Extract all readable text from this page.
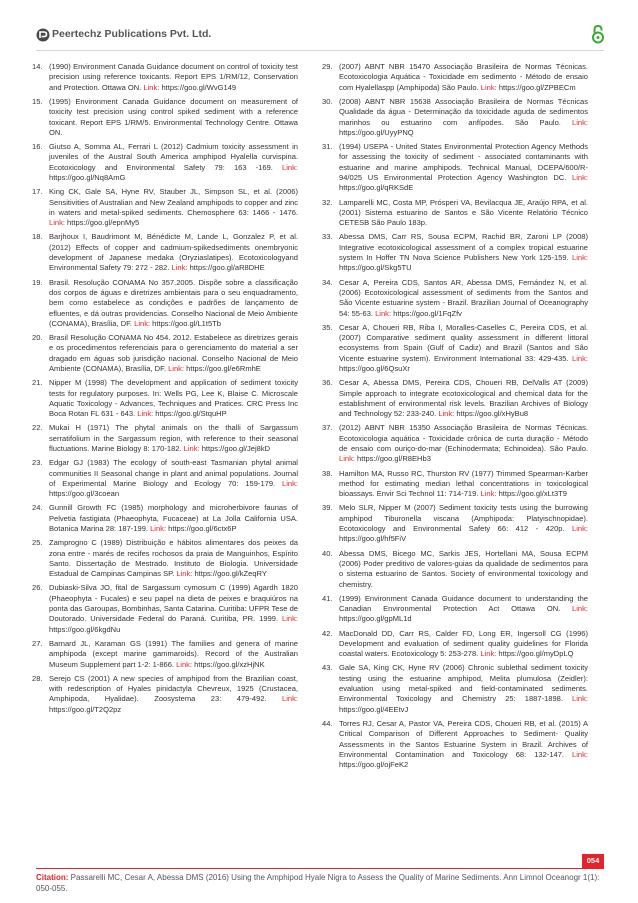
Peertechz Publications Pvt. Ltd.
14. (1990) Environment Canada Guidance document on control of toxicity test precision using reference toxicants. Report EPS 1/RM/12, Conservation and Protection. Ottawa ON. Link: https://goo.gl/WvG149
15. (1995) Environment Canada Guidance document on measurement of toxicity test precision using control spiked sediment with a reference toxicant. Report EPS 1/RM/5. Environmental Technology Centre. Ottawa ON.
16. Giutso A, Somma AL, Ferrari L (2012) Cadmium toxicity assessment in juveniles of the Austral South America amphipod Hyalella curvispina. Ecotoxicology and Environmental Safety 79: 163 -169. Link: https://goo.gl/Nq8AmG
17. King CK, Gale SA, Hyne RV, Stauber JL, Simpson SL, et al. (2006) Sensitivities of Australian and New Zealand amphipods to copper and zinc in waters and metal-spiked sediments. Chemosphere 63: 1466 - 1476. Link: https://goo.gl/epnMy5
18. Barjhoux I, Baudrimont M, Bénédicte M, Lande L, Gonzalez P, et al. (2012) Effects of copper and cadmium-spikedsediments onembryonic development of Japanese medaka (Oryziaslatipes). Ecotoxicologyand Environmental Safety 79: 272 - 282. Link: https://goo.gl/aR8DHE
19. Brasil. Resolução CONAMA No 357.2005. Dispõe sobre a classificação dos corpos de águas e diretrizes ambientais para o seu enquadramento, bem como estabelece as condições e padrões de lançamento de efluentes, e dá outras providencias. Conselho Nacional de Meio Ambiente (CONAMA), Brasília, DF. Link: https://goo.gl/L1t5Tb
20. Brasil Resolução CONAMA No 454. 2012. Estabelece as diretrizes gerais e os procedimentos referenciais para o gerenciamento do material a ser dragado em águas sob jurisdição nacional. Conselho Nacional de Meio Ambiente (CONAMA), Brasília, DF. Link: https://goo.gl/e6RmhE
21. Nipper M (1998) The development and application of sediment toxicity tests for regulatory purposes. In: Wells PG, Lee K, Blaise C. Microscale Aquatic Toxicology - Advances, Techniques and Pratices. CRC Press Inc Boca Rotan FL 631 - 643. Link: https://goo.gl/StquHP
22. Mukai H (1971) The phytal animals on the thalli of Sargassum serratifolium in the Sargassum region, with reference to their seasonal fluctuations. Marine Biology 8: 170-182. Link: https://goo.gl/Jej8kD
23. Edgar GJ (1983) The ecology of south-east Tasmanian phytal animal communities II Seasonal change in plant and animal populations. Journal of Experimental Marine Biology and Ecology 70: 159-179. Link: https://goo.gl/3coean
24. Gunnill Growth FC (1985) morphology and microherbivore faunas of Pelvetia fastigiata (Phaeophyta, Fucaceae) at La Jolla California USA. Botanica Marina 28: 187-199. Link: https://goo.gl/6ctx6P
25. Zamprogno C (1989) Distribuição e hábitos alimentares dos peixes da zona entre - marés de recifes rochosos da praia de Manguinhos, Espírito Santo. Dissertação de Mestrado. Instituto de Biologia. Universidade Estadual de Campinas Campinas SP. Link: https://goo.gl/kZeqRY
26. Dubiaski-Silva JO, fital de Sargassum cymosum C (1999) Agardh 1820 (Phaeophyta - Fucales) e seu papel na dieta de peixes e braquiúros na ponta das Garoupas, Bombinhas, Santa Catarina. Curitiba: UFPR Tese de Doutorado. Universidade Federal do Paraná. Curitiba, PR. 1999. Link: https://goo.gl/6kgdNu
27. Barnard JL, Karaman GS (1991) The families and genera of marine amphipoda (except marine gammaroids). Record of the Australian Museum Supplement part 1-2: 1-866. Link: https://goo.gl/xzHjNK
28. Serejo CS (2001) A new species of amphipod from the Brazilian coast, with redescription of Hyales pinidactyla Chevreux, 1925 (Crustacea, Amphipoda, Hyalidae). Zoosystema 23: 479-492. Link: https://goo.gl/T2Q2pz
29. (2007) ABNT NBR 15470 Associação Brasileira de Normas Técnicas. Ecotoxicologia Aquática - Toxicidade em sedimento - Método de ensaio com Hyalellaspp (Amphipoda) São Paulo. Link: https://goo.gl/ZPBECm
30. (2008) ABNT NBR 15638 Associação Brasileira de Normas Técnicas Qualidade da água - Determinação da toxicidade aguda de sedimentos marinhos ou estuarino com anfípodes. São Paulo. Link: https://goo.gl/UyyPNQ
31. (1994) USEPA - United States Environmental Protection Agency Methods for assessing the toxicity of sediment - associated contaminants with estuarine and marine amphipods. Technical Manual, DCEPA/600/R-94/025 US Environmental Protection Agency Washington DC. Link: https://goo.gl/qRKSdE
32. Lamparelli MC, Costa MP, Prósperi VA, Bevilacqua JE, Araújo RPA, et al. (2001) Sistema estuarino de Santos e São Vicente Relatório Técnico CETESB São Paulo 183p.
33. Abessa DMS, Carr RS, Sousa ECPM, Rachid BR, Zaroni LP (2008) Integrative ecotoxicological assessment of a complex tropical estuarine system In Hoffer TN Nova Science Publishers New York 125-159. Link: https://goo.gl/Skg5TU
34. Cesar A, Pereira CDS, Santos AR, Abessa DMS, Fernández N, et al. (2006) Ecotoxicological assessment of sediments from the Santos and São Vicente estuarine system - Brazil. Brazilian Journal of Oceanography 54: 55-63. Link: https://goo.gl/1FqZfv
35. Cesar A, Choueri RB, Riba I, Moralles-Caselles C, Pereira CDS, et al. (2007) Comparative sediment quality assessment in different littoral ecosystems from Spain (Gulf of Cadiz) and Brazil (Santos and São Vicente estuarine system). Environment International 33: 429-435. Link: https://goo.gl/6QsuXr
36. Cesar A, Abessa DMS, Pereira CDS, Choueri RB, DelValls AT (2009) Simple approach to integrate ecotoxicological and chemical data for the establishment of environmental risk levels. Brazilian Archives of Biology and Technology 52: 233-240. Link: https://goo.gl/xHyBu8
37. (2012) ABNT NBR 15350 Associação Brasileira de Normas Técnicas. Ecotoxicologia aquática - Toxicidade crônica de curta duração - Método de ensaio com ouriço-do-mar (Echinodermata; Echinoidea). São Paulo. Link: https://goo.gl/R8EHb3
38. Hamilton MA, Russo RC, Thurston RV (1977) Trimmed Spearman-Karber method for estimating median lethal concentrations in toxicological bioassays. Envir Sci Technol 11: 714-719. Link: https://goo.gl/xLt3T9
39. Melo SLR, Nipper M (2007) Sediment toxicity tests using the burrowing amphipod Tiburonella viscana (Amphipoda: Platyischnopidae). Ecotoxicology and Environmental Safety 66: 412 - 420p. Link: https://goo.gl/hf5FiV
40. Abessa DMS, Bicego MC, Sarkis JES, Hortellani MA, Sousa ECPM (2006) Poder preditivo de valores-guias da qualidade de sedimentos para o sistema estuarino de Santos. Society of environmental toxicology and chemistry.
41. (1999) Environment Canada Guidance document to understanding the Canadian Environmental Protection Act Ottawa ON. Link: https://goo.gl/gpML1d
42. MacDonald DD, Carr RS, Calder FD, Long ER, Ingersoll CG (1996) Development and evaluation of sediment quality guidelines for Florida coastal waters. Ecotoxicology 5: 253-278. Link: https://goo.gl/myDpLQ
43. Gale SA, King CK, Hyne RV (2006) Chronic sublethal sediment toxicity testing using the estuarine amphipod, Melita plumulosa (Zeidler): evaluation using metal-spiked and field-contaminated sediments. Environmental Toxicology and Chemistry 25: 1887-1898. Link: https://goo.gl/4EEtvJ
44. Torres RJ, Cesar A, Pastor VA, Pereira CDS, Choueri RB, et al. (2015) A Critical Comparison of Different Approaches to Sediment- Quality Assessments in the Santos Estuarine System in Brazil. Archives of Environmental Contamination and Toxicology 68: 132-147. Link: https://goo.gl/ojFeK2
054
Citation: Passarelli MC, Cesar A, Abessa DMS (2016) Using the Amphipod Hyale Nigra to Assess the Quality of Marine Sediments. Ann Limnol Oceanogr 1(1): 050-055.
